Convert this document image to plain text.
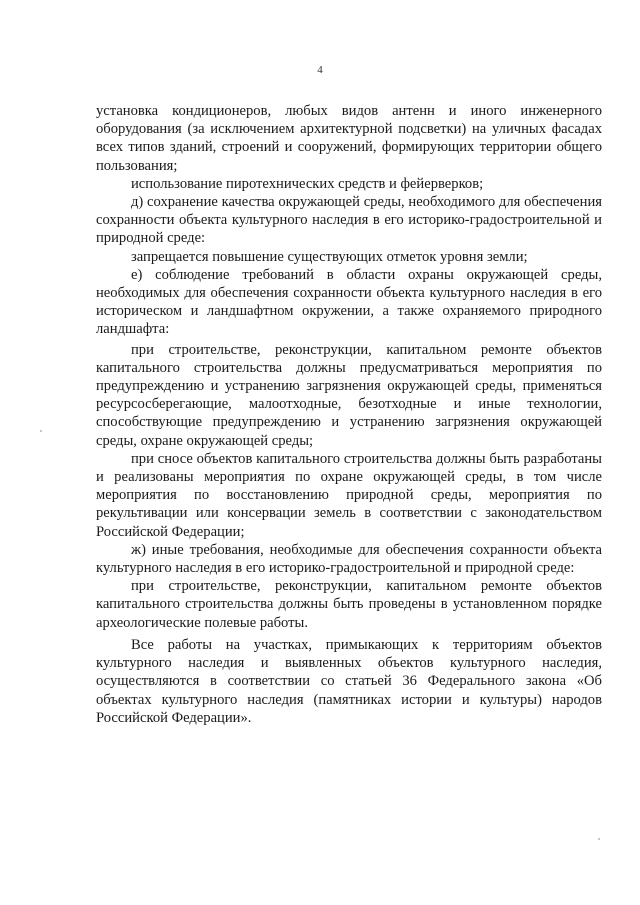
4

установка кондиционеров, любых видов антенн и иного инженерного оборудования (за исключением архитектурной подсветки) на уличных фасадах всех типов зданий, строений и сооружений, формирующих территории общего пользования;

использование пиротехнических средств и фейерверков;

д) сохранение качества окружающей среды, необходимого для обеспечения сохранности объекта культурного наследия в его историко-градостроительной и природной среде:

запрещается повышение существующих отметок уровня земли;

е) соблюдение требований в области охраны окружающей среды, необходимых для обеспечения сохранности объекта культурного наследия в его историческом и ландшафтном окружении, а также охраняемого природного ландшафта:

при строительстве, реконструкции, капитальном ремонте объектов капитального строительства должны предусматриваться мероприятия по предупреждению и устранению загрязнения окружающей среды, применяться ресурсосберегающие, малоотходные, безотходные и иные технологии, способствующие предупреждению и устранению загрязнения окружающей среды, охране окружающей среды;

при сносе объектов капитального строительства должны быть разработаны и реализованы мероприятия по охране окружающей среды, в том числе мероприятия по восстановлению природной среды, мероприятия по рекультивации или консервации земель в соответствии с законодательством Российской Федерации;

ж) иные требования, необходимые для обеспечения сохранности объекта культурного наследия в его историко-градостроительной и природной среде:

при строительстве, реконструкции, капитальном ремонте объектов капитального строительства должны быть проведены в установленном порядке археологические полевые работы.

Все работы на участках, примыкающих к территориям объектов культурного наследия и выявленных объектов культурного наследия, осуществляются в соответствии со статьей 36 Федерального закона «Об объектах культурного наследия (памятниках истории и культуры) народов Российской Федерации».
